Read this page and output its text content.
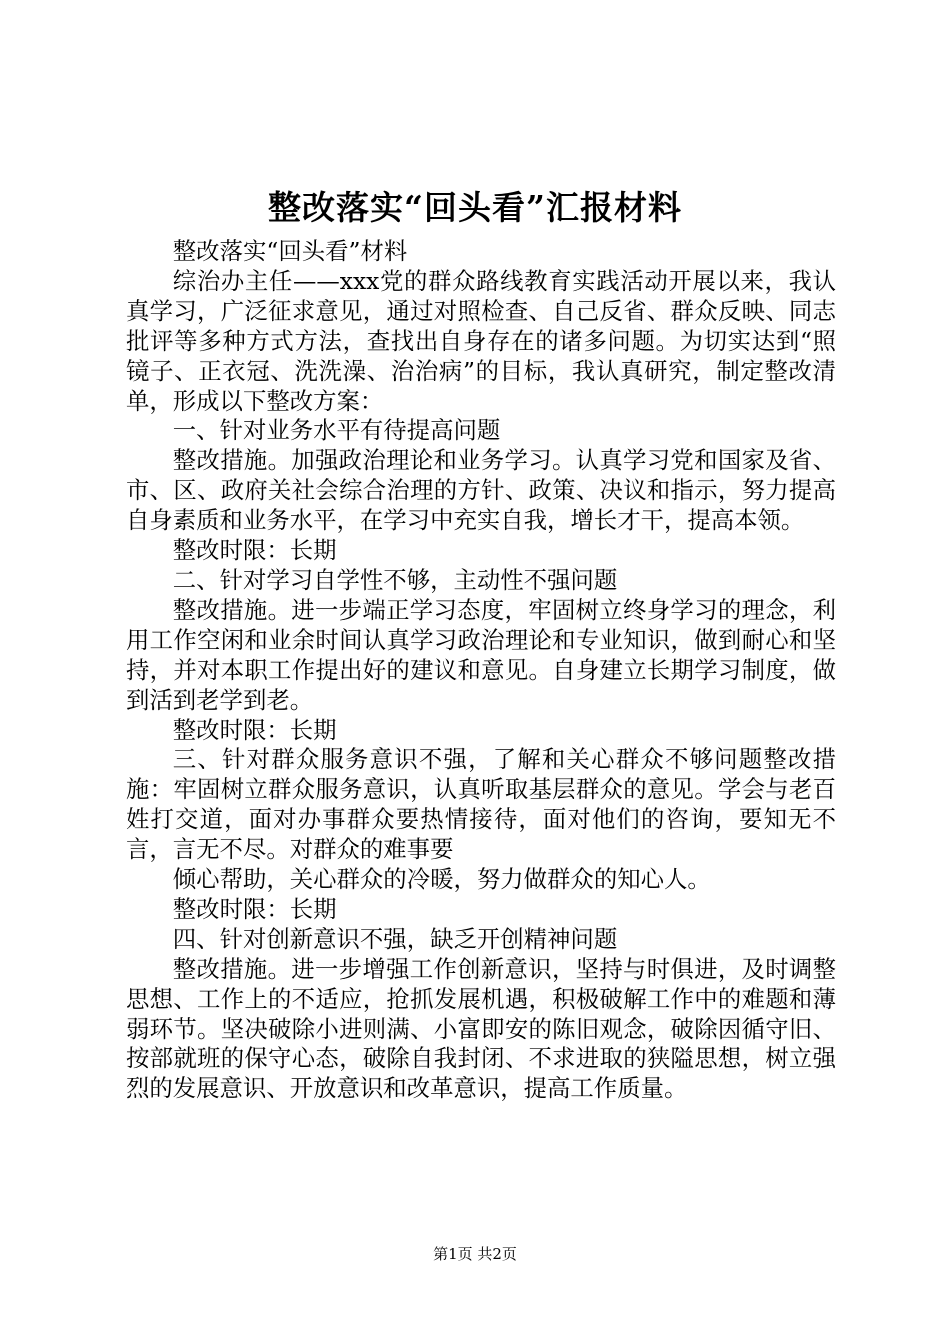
整改落实“回头看”汇报材料

整改落实“回头看”材料

综治办主任——xxx党的群众路线教育实践活动开展以来，我认真学习，广泛征求意见，通过对照检查、自己反省、群众反映、同志批评等多种方式方法，查找出自身存在的诸多问题。为切实达到“照镜子、正衣冠、洗洗澡、治治病”的目标，我认真研究，制定整改清单，形成以下整改方案：

一、针对业务水平有待提高问题

整改措施。加强政治理论和业务学习。认真学习党和国家及省、市、区、政府关社会综合治理的方针、政策、决议和指示，努力提高自身素质和业务水平，在学习中充实自我，增长才干，提高本领。

整改时限：长期

二、针对学习自学性不够，主动性不强问题

整改措施。进一步端正学习态度，牢固树立终身学习的理念，利用工作空闲和业余时间认真学习政治理论和专业知识，做到耐心和坚持，并对本职工作提出好的建议和意见。自身建立长期学习制度，做到活到老学到老。

整改时限：长期

三、针对群众服务意识不强，了解和关心群众不够问题整改措施：牢固树立群众服务意识，认真听取基层群众的意见。学会与老百姓打交道，面对办事群众要热情接待，面对他们的咨询，要知无不言，言无不尽。对群众的难事要

倾心帮助，关心群众的冷暖，努力做群众的知心人。

整改时限：长期

四、针对创新意识不强，缺乏开创精神问题

整改措施。进一步增强工作创新意识，坚持与时俱进，及时调整思想、工作上的不适应，抢抓发展机遇，积极破解工作中的难题和薄弱环节。坚决破除小进则满、小富即安的陈旧观念，破除因循守旧、按部就班的保守心态，破除自我封闭、不求进取的狭隘思想，树立强烈的发展意识、开放意识和改革意识，提高工作质量。

第1页 共2页
